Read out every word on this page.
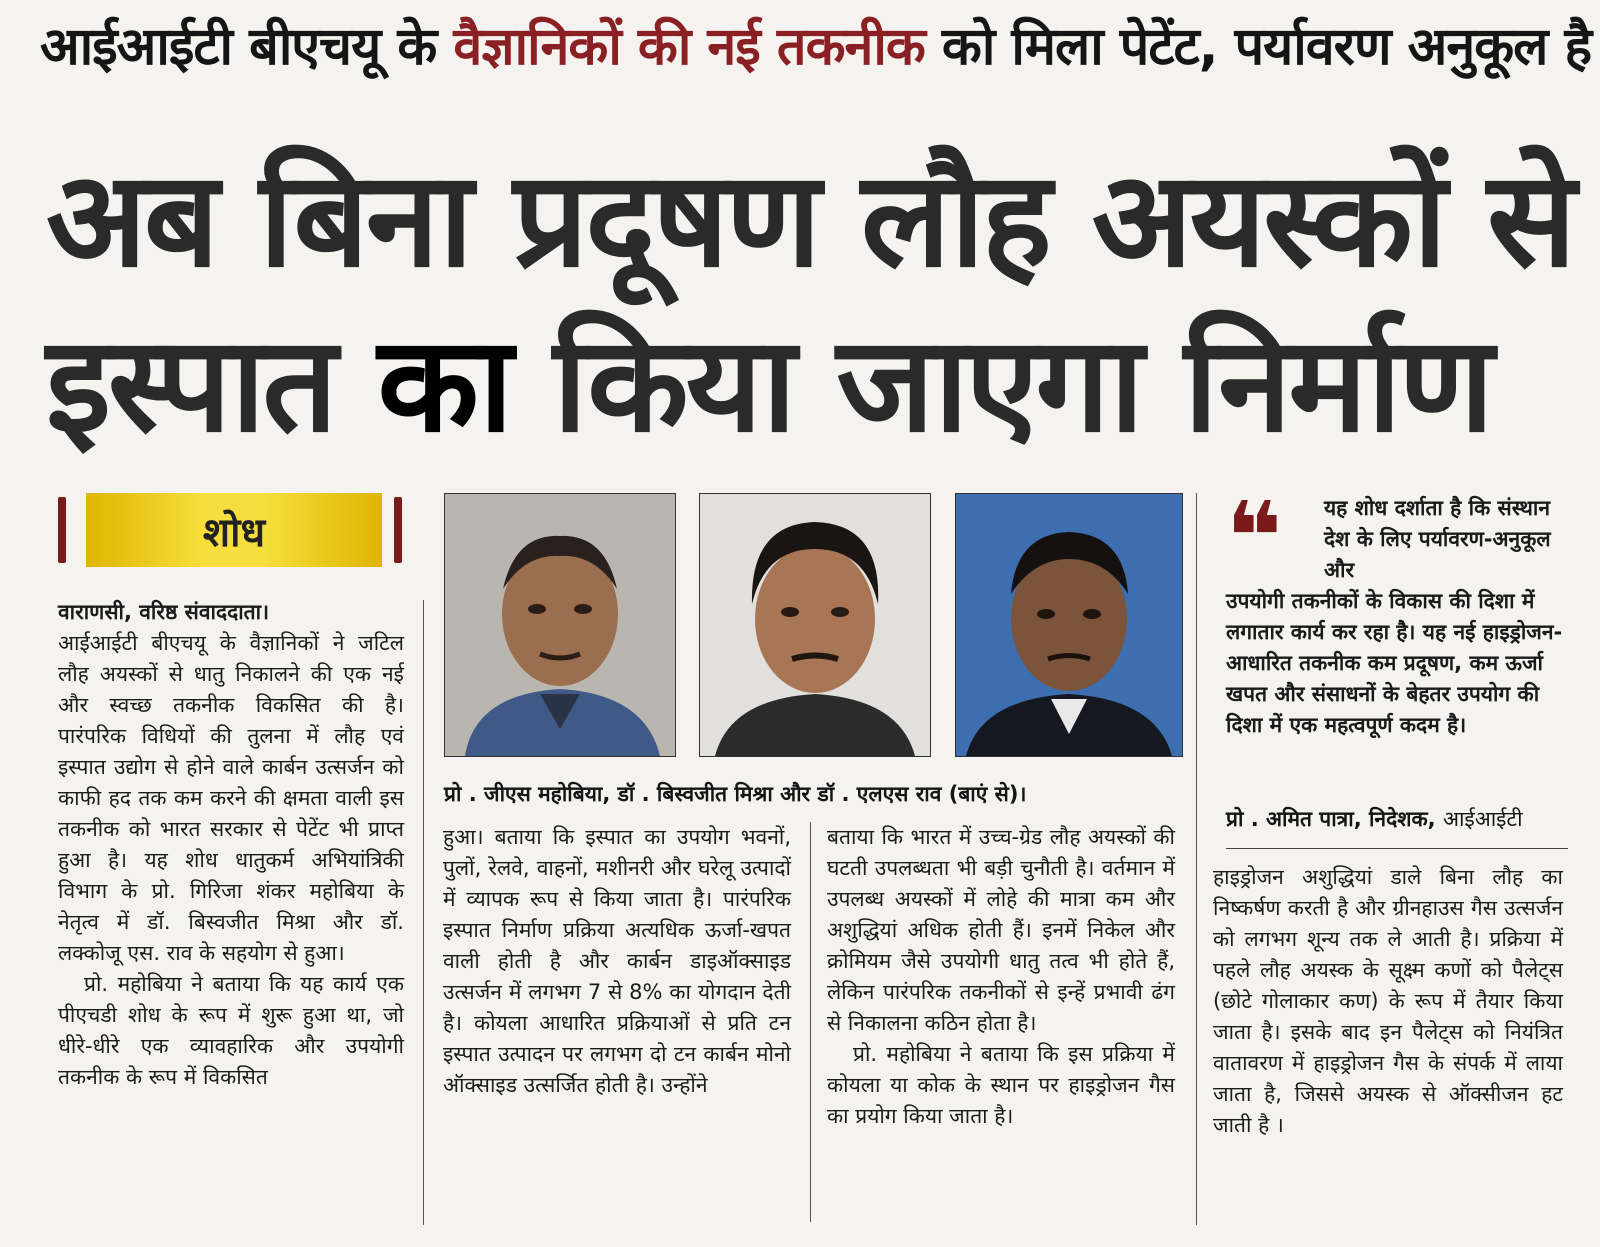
आईआईटी बीएचयू के वैज्ञानिकों की नई तकनीक को मिला पेटेंट, पर्यावरण अनुकूल है
अब बिना प्रदूषण लौह अयस्कों से
इस्पात का किया जाएगा निर्माण
शोध

वाराणसी, वरिष्ठ संवाददाता।

आईआईटी बीएचयू के वैज्ञानिकों ने जटिल लौह अयस्कों से धातु निकालने की एक नई और स्वच्छ तकनीक विकसित की है। पारंपरिक विधियों की तुलना में लौह एवं इस्पात उद्योग से होने वाले कार्बन उत्सर्जन को काफी हद तक कम करने की क्षमता वाली इस तकनीक को भारत सरकार से पेटेंट भी प्राप्त हुआ है। यह शोध धातुकर्म अभियांत्रिकी विभाग के प्रो. गिरिजा शंकर महोबिया के नेतृत्व में डॉ. बिस्वजीत मिश्रा और डॉ. लक्कोजू एस. राव के सहयोग से हुआ।

प्रो. महोबिया ने बताया कि यह कार्य एक पीएचडी शोध के रूप में शुरू हुआ था, जो धीरे-धीरे एक व्यावहारिक और उपयोगी तकनीक के रूप में विकसित

प्रो . जीएस महोबिया, डॉ . बिस्वजीत मिश्रा और डॉ . एलएस राव (बाएं से)।

हुआ। बताया कि इस्पात का उपयोग भवनों, पुलों, रेलवे, वाहनों, मशीनरी और घरेलू उत्पादों में व्यापक रूप से किया जाता है। पारंपरिक इस्पात निर्माण प्रक्रिया अत्यधिक ऊर्जा-खपत वाली होती है और कार्बन डाइऑक्साइड उत्सर्जन में लगभग 7 से 8% का योगदान देती है। कोयला आधारित प्रक्रियाओं से प्रति टन इस्पात उत्पादन पर लगभग दो टन कार्बन मोनो ऑक्साइड उत्सर्जित होती है। उन्होंने

बताया कि भारत में उच्च-ग्रेड लौह अयस्कों की घटती उपलब्धता भी बड़ी चुनौती है। वर्तमान में उपलब्ध अयस्कों में लोहे की मात्रा कम और अशुद्धियां अधिक होती हैं। इनमें निकेल और क्रोमियम जैसे उपयोगी धातु तत्व भी होते हैं, लेकिन पारंपरिक तकनीकों से इन्हें प्रभावी ढंग से निकालना कठिन होता है।

प्रो. महोबिया ने बताया कि इस प्रक्रिया में कोयला या कोक के स्थान पर हाइड्रोजन गैस का प्रयोग किया जाता है।

❝	यह शोध दर्शाता है कि संस्थान देश के लिए पर्यावरण-अनुकूल और
उपयोगी तकनीकों के विकास की दिशा में लगातार कार्य कर रहा है। यह नई हाइड्रोजन-आधारित तकनीक कम प्रदूषण, कम ऊर्जा खपत और संसाधनों के बेहतर उपयोग की दिशा में एक महत्वपूर्ण कदम है।
प्रो . अमित पात्रा, निदेशक, आईआईटी

हाइड्रोजन अशुद्धियां डाले बिना लौह का निष्कर्षण करती है और ग्रीनहाउस गैस उत्सर्जन को लगभग शून्य तक ले आती है। प्रक्रिया में पहले लौह अयस्क के सूक्ष्म कणों को पैलेट्स (छोटे गोलाकार कण) के रूप में तैयार किया जाता है। इसके बाद इन पैलेट्स को नियंत्रित वातावरण में हाइड्रोजन गैस के संपर्क में लाया जाता है, जिससे अयस्क से ऑक्सीजन हट जाती है ।
